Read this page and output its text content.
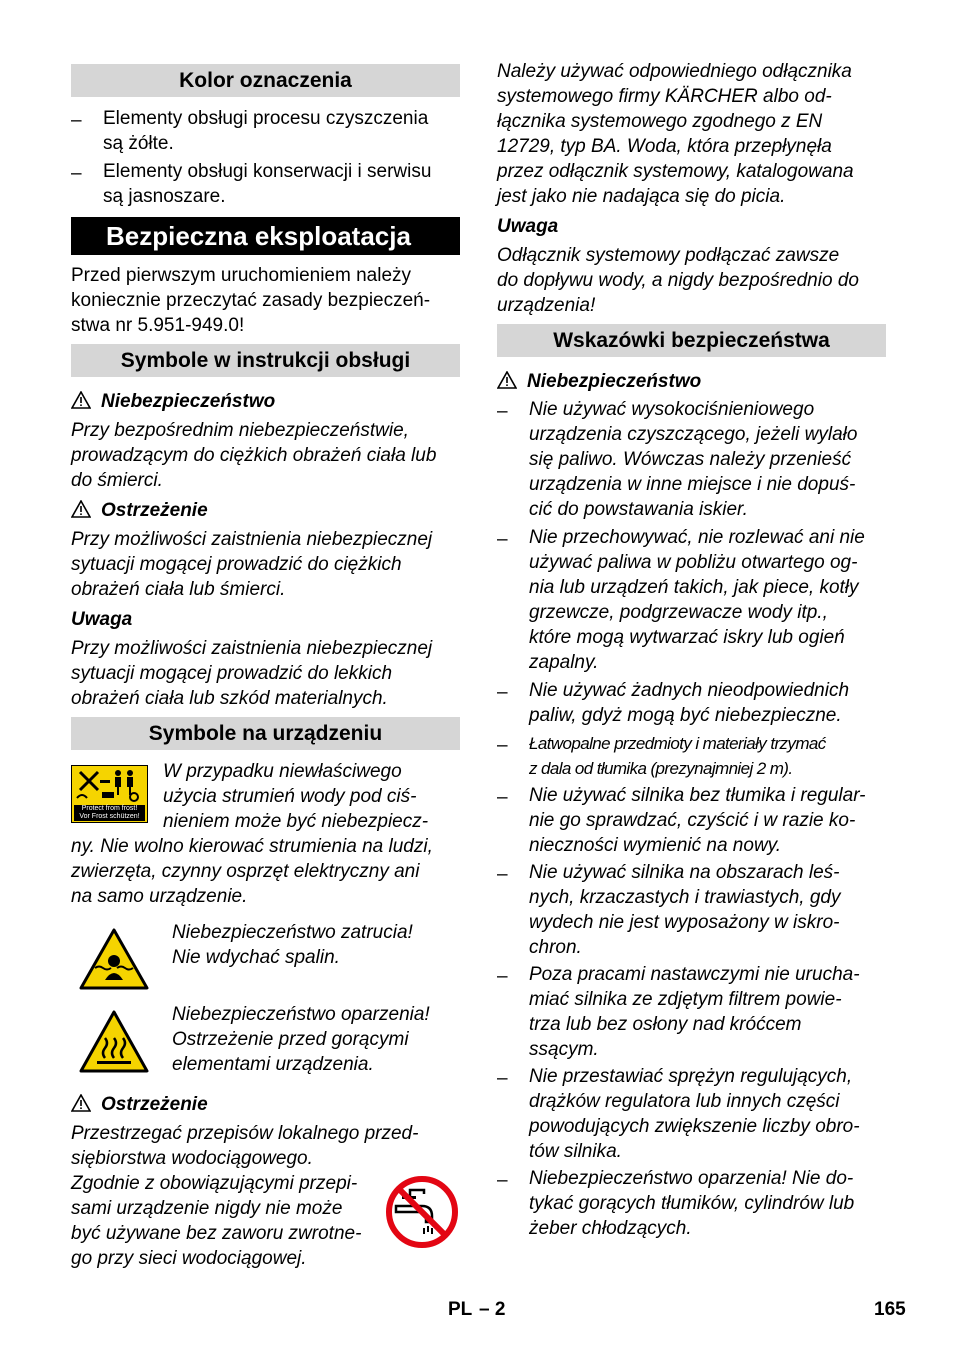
Kolor oznaczenia
– Elementy obsługi procesu czyszczenia
są żółte.
– Elementy obsługi konserwacji i serwisu
są jasnoszare.
Bezpieczna eksploatacja
Przed pierwszym uruchomieniem należy
koniecznie przeczytać zasady bezpieczeń-
stwa nr 5.951-949.0!
Symbole w instrukcji obsługi
Niebezpieczeństwo
Przy bezpośrednim niebezpieczeństwie,
prowadzącym do ciężkich obrażeń ciała lub
do śmierci.
Ostrzeżenie
Przy możliwości zaistnienia niebezpiecznej
sytuacji mogącej prowadzić do ciężkich
obrażeń ciała lub śmierci.
Uwaga
Przy możliwości zaistnienia niebezpiecznej
sytuacji mogącej prowadzić do lekkich
obrażeń ciała lub szkód materialnych.
Symbole na urządzeniu
Protect from frost!
Vor Frost schützen!
W przypadku niewłaściwego
użycia strumień wody pod ciś-
nieniem może być niebezpiecz-
ny. Nie wolno kierować strumienia na ludzi,
zwierzęta, czynny osprzęt elektryczny ani
na samo urządzenie.
Niebezpieczeństwo zatrucia!
Nie wdychać spalin.
Niebezpieczeństwo oparzenia!
Ostrzeżenie przed gorącymi
elementami urządzenia.
Ostrzeżenie
Przestrzegać przepisów lokalnego przed-
siębiorstwa wodociągowego.
Zgodnie z obowiązującymi przepi-
sami urządzenie nigdy nie może
być używane bez zaworu zwrotne-
go przy sieci wodociągowej.
Należy używać odpowiedniego odłącznika
systemowego firmy KÄRCHER albo od-
łącznika systemowego zgodnego z EN
12729, typ BA. Woda, która przepłynęła
przez odłącznik systemowy, katalogowana
jest jako nie nadająca się do picia.
Uwaga
Odłącznik systemowy podłączać zawsze
do dopływu wody, a nigdy bezpośrednio do
urządzenia!
Wskazówki bezpieczeństwa
Niebezpieczeństwo
– Nie używać wysokociśnieniowego
urządzenia czyszczącego, jeżeli wylało
się paliwo. Wówczas należy przenieść
urządzenia w inne miejsce i nie dopuś-
cić do powstawania iskier.
– Nie przechowywać, nie rozlewać ani nie
używać paliwa w pobliżu otwartego og-
nia lub urządzeń takich, jak piece, kotły
grzewcze, podgrzewacze wody itp.,
które mogą wytwarzać iskry lub ogień
zapalny.
– Nie używać żadnych nieodpowiednich
paliw, gdyż mogą być niebezpieczne.
– Łatwopalne przedmioty i materiały trzymać
z dala od tłumika (prezynajmniej 2 m).
– Nie używać silnika bez tłumika i regular-
nie go sprawdzać, czyścić i w razie ko-
nieczności wymienić na nowy.
– Nie używać silnika na obszarach leś-
nych, krzaczastych i trawiastych, gdy
wydech nie jest wyposażony w iskro-
chron.
– Poza pracami nastawczymi nie urucha-
miać silnika ze zdjętym filtrem powie-
trza lub bez osłony nad króćcem
ssącym.
– Nie przestawiać sprężyn regulujących,
drążków regulatora lub innych części
powodujących zwiększenie liczby obro-
tów silnika.
– Niebezpieczeństwo oparzenia! Nie do-
tykać gorących tłumików, cylindrów lub
żeber chłodzących.
PL – 2	165
